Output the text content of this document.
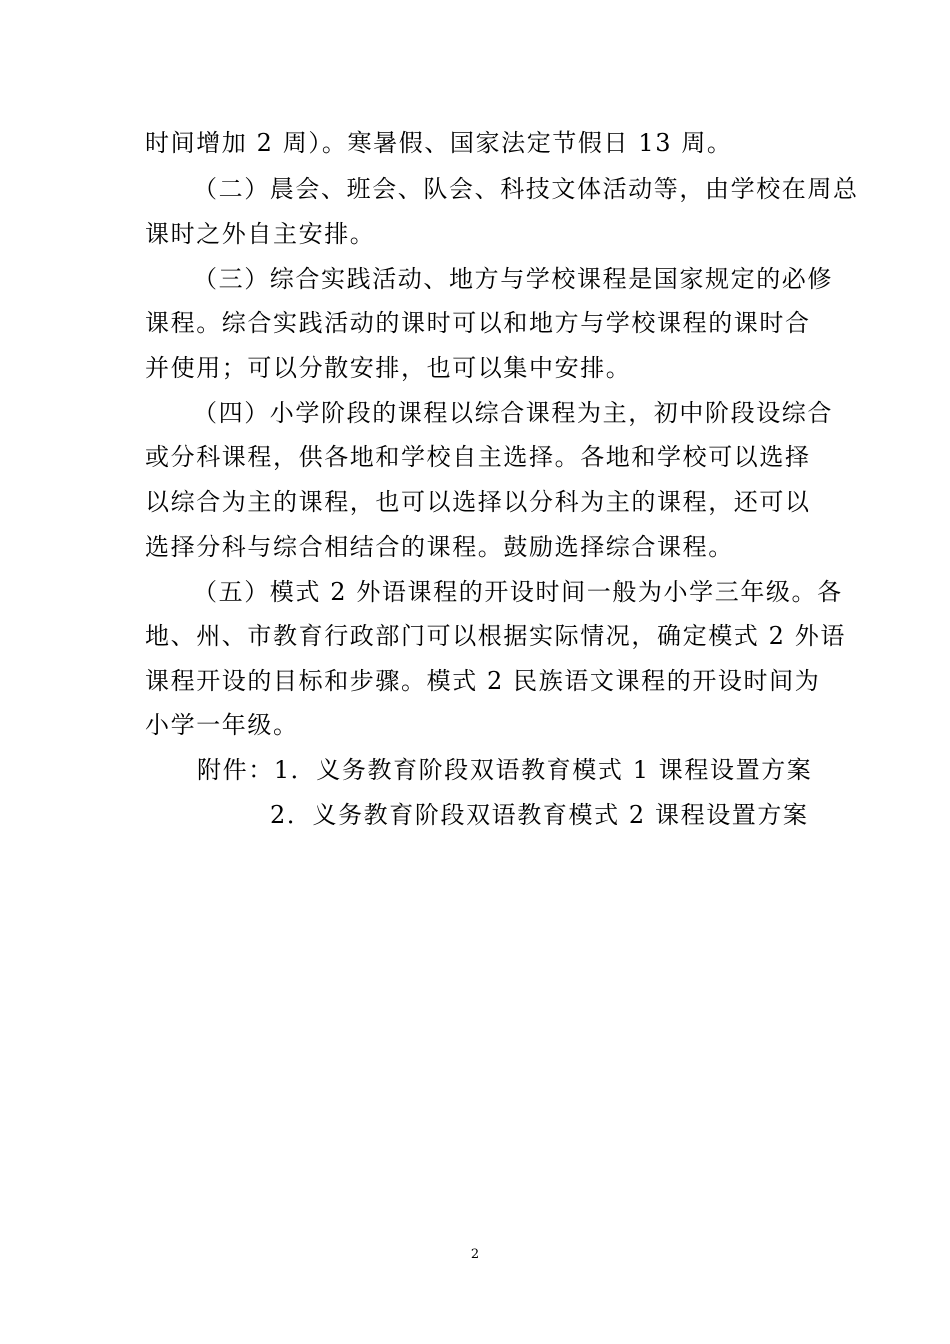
时间增加 2 周）。寒暑假、国家法定节假日 13 周。
（二）晨会、班会、队会、科技文体活动等，由学校在周总
课时之外自主安排。
（三）综合实践活动、地方与学校课程是国家规定的必修
课程。综合实践活动的课时可以和地方与学校课程的课时合
并使用；可以分散安排，也可以集中安排。
（四）小学阶段的课程以综合课程为主，初中阶段设综合
或分科课程，供各地和学校自主选择。各地和学校可以选择
以综合为主的课程，也可以选择以分科为主的课程，还可以
选择分科与综合相结合的课程。鼓励选择综合课程。
（五）模式 2 外语课程的开设时间一般为小学三年级。各
地、州、市教育行政部门可以根据实际情况，确定模式 2 外语
课程开设的目标和步骤。模式 2 民族语文课程的开设时间为
小学一年级。
附件：1．义务教育阶段双语教育模式 1 课程设置方案
2．义务教育阶段双语教育模式 2 课程设置方案
2
